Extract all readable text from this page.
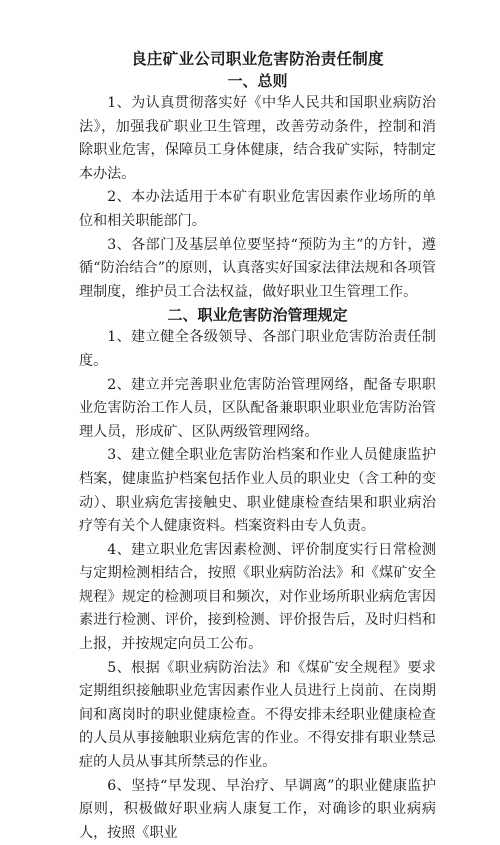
良庄矿业公司职业危害防治责任制度
一、总则

1、为认真贯彻落实好《中华人民共和国职业病防治法》，加强我矿职业卫生管理，改善劳动条件，控制和消除职业危害，保障员工身体健康，结合我矿实际，特制定本办法。

2、本办法适用于本矿有职业危害因素作业场所的单位和相关职能部门。

3、各部门及基层单位要坚持“预防为主”的方针，遵循“防治结合”的原则，认真落实好国家法律法规和各项管理制度，维护员工合法权益，做好职业卫生管理工作。

二、职业危害防治管理规定

1、建立健全各级领导、各部门职业危害防治责任制度。

2、建立并完善职业危害防治管理网络，配备专职职业危害防治工作人员，区队配备兼职职业职业危害防治管理人员，形成矿、区队两级管理网络。

3、建立健全职业危害防治档案和作业人员健康监护档案，健康监护档案包括作业人员的职业史（含工种的变动）、职业病危害接触史、职业健康检查结果和职业病治疗等有关个人健康资料。档案资料由专人负责。

4、建立职业危害因素检测、评价制度实行日常检测与定期检测相结合，按照《职业病防治法》和《煤矿安全规程》规定的检测项目和频次，对作业场所职业病危害因素进行检测、评价，接到检测、评价报告后，及时归档和上报，并按规定向员工公布。

5、根据《职业病防治法》和《煤矿安全规程》要求定期组织接触职业危害因素作业人员进行上岗前、在岗期间和离岗时的职业健康检查。不得安排未经职业健康检查的人员从事接触职业病危害的作业。不得安排有职业禁忌症的人员从事其所禁忌的作业。

6、坚持“早发现、早治疗、早调离”的职业健康监护原则，积极做好职业病人康复工作，对确诊的职业病病人，按照《职业
